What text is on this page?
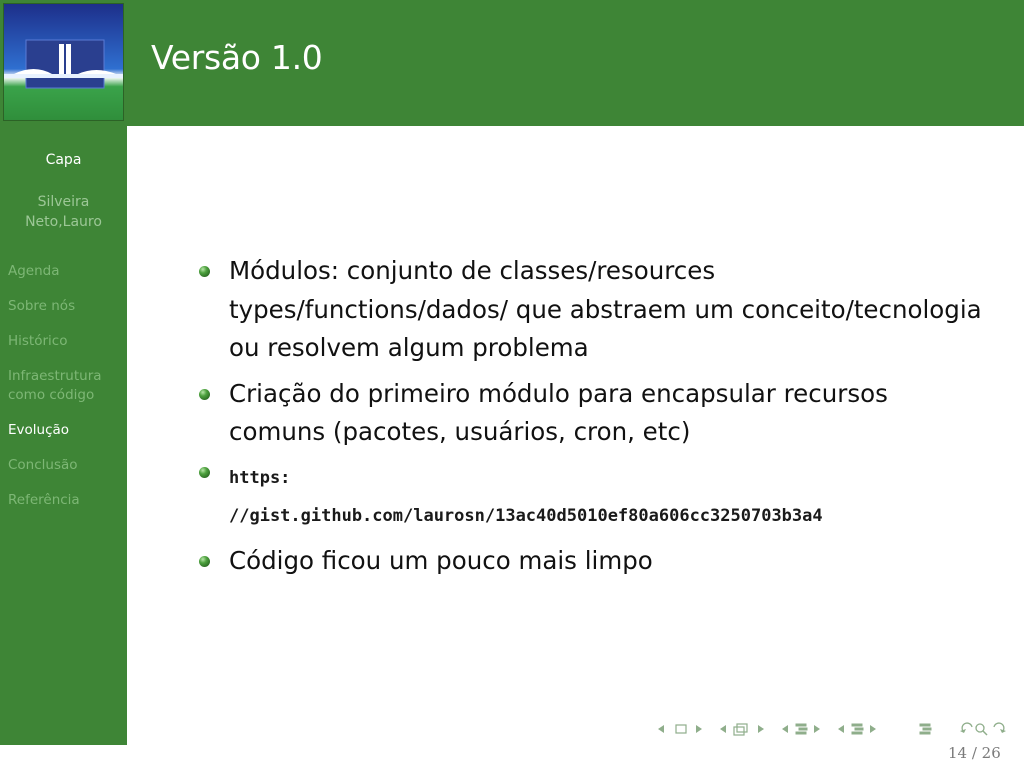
Capa
Silveira
Neto,Lauro
Agenda
Sobre nós
Histórico
Infraestrutura como código
Evolução
Conclusão
Referência
Versão 1.0
Módulos: conjunto de classes/resources types/functions/dados/ que abstraem um conceito/tecnologia ou resolvem algum problema
Criação do primeiro módulo para encapsular recursos comuns (pacotes, usuários, cron, etc)
https:
//gist.github.com/laurosn/13ac40d5010ef80a606cc3250703b3a4
Código ficou um pouco mais limpo
14 / 26
